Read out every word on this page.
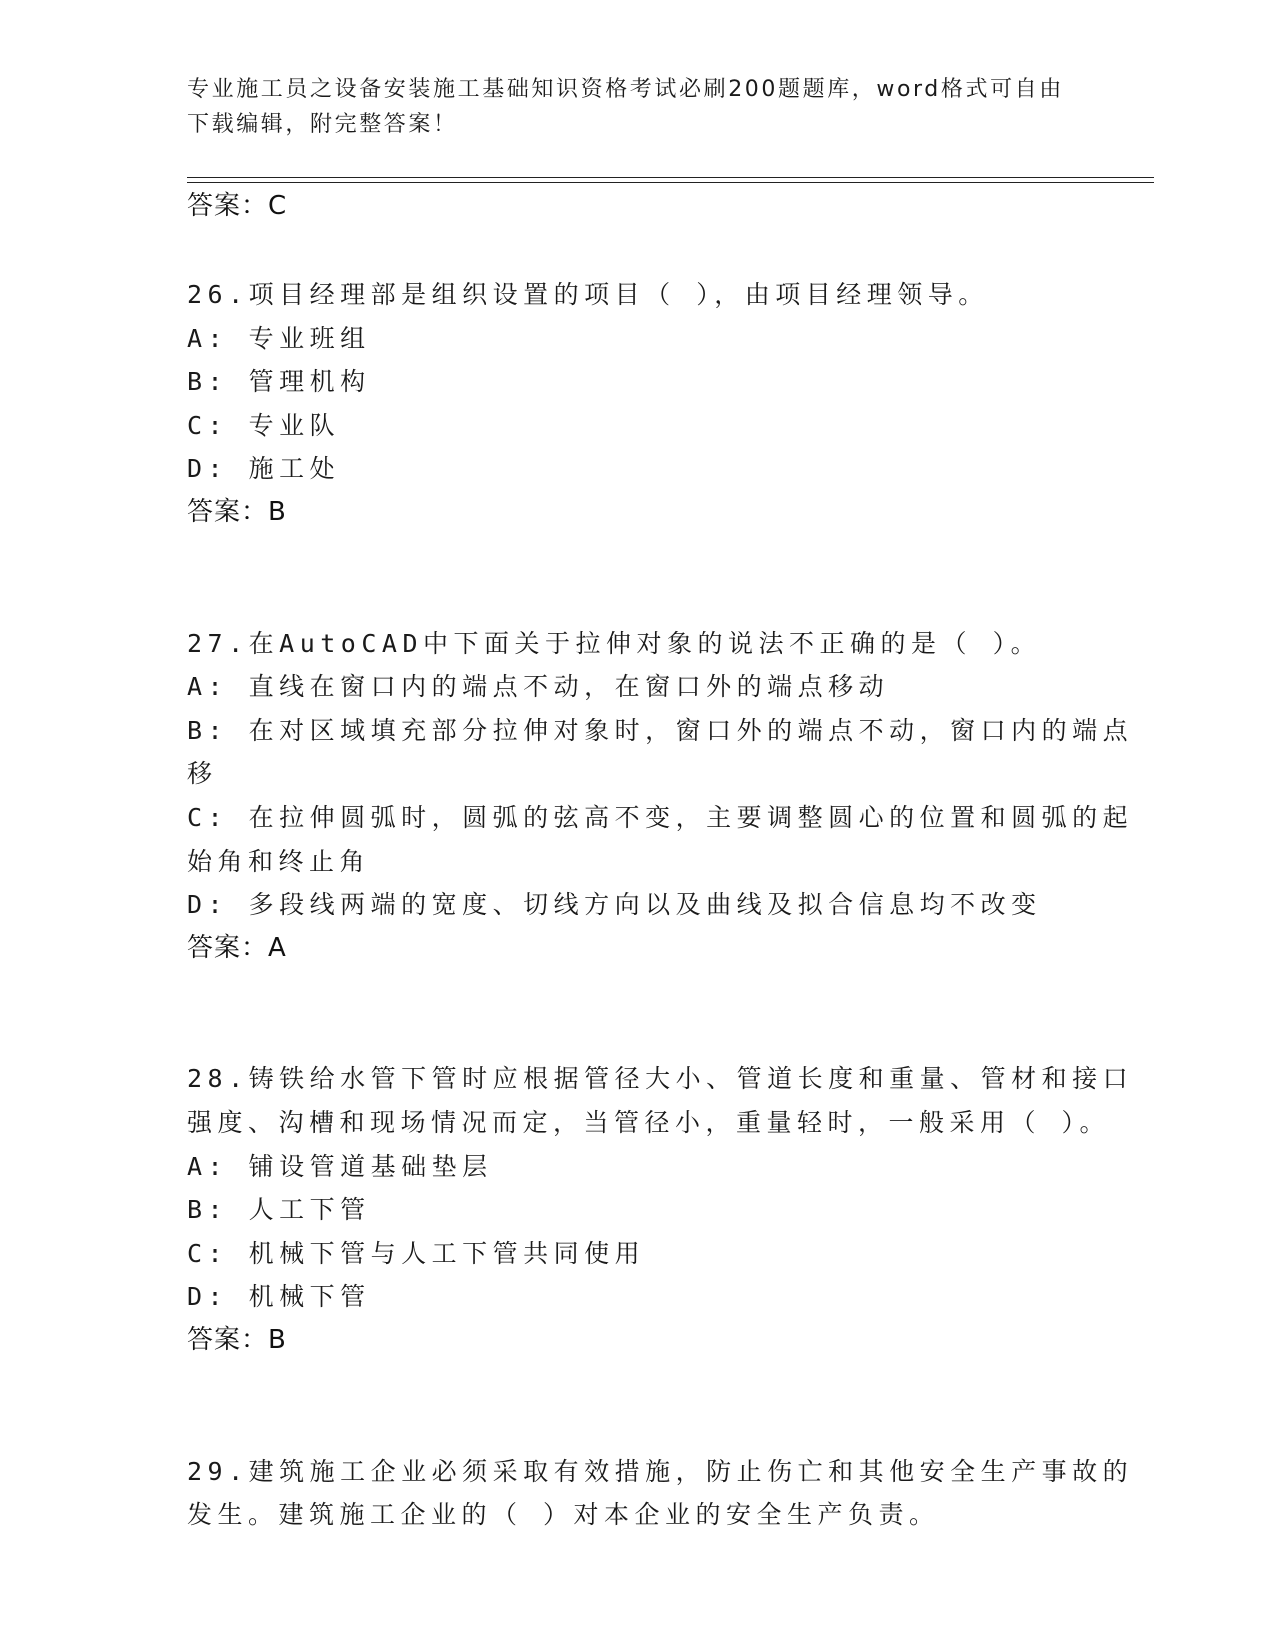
专业施工员之设备安装施工基础知识资格考试必刷200题题库，word格式可自由
下载编辑，附完整答案！
答案：C
26.项目经理部是组织设置的项目（ ），由项目经理领导。
A: 专业班组
B: 管理机构
C: 专业队
D: 施工处
答案：B
27.在AutoCAD中下面关于拉伸对象的说法不正确的是（ ）。
A: 直线在窗口内的端点不动，在窗口外的端点移动
B: 在对区域填充部分拉伸对象时，窗口外的端点不动，窗口内的端点
移
C: 在拉伸圆弧时，圆弧的弦高不变，主要调整圆心的位置和圆弧的起
始角和终止角
D: 多段线两端的宽度、切线方向以及曲线及拟合信息均不改变
答案：A
28.铸铁给水管下管时应根据管径大小、管道长度和重量、管材和接口
强度、沟槽和现场情况而定，当管径小，重量轻时，一般采用（ ）。
A: 铺设管道基础垫层
B: 人工下管
C: 机械下管与人工下管共同使用
D: 机械下管
答案：B
29.建筑施工企业必须采取有效措施，防止伤亡和其他安全生产事故的
发生。建筑施工企业的（ ）对本企业的安全生产负责。
